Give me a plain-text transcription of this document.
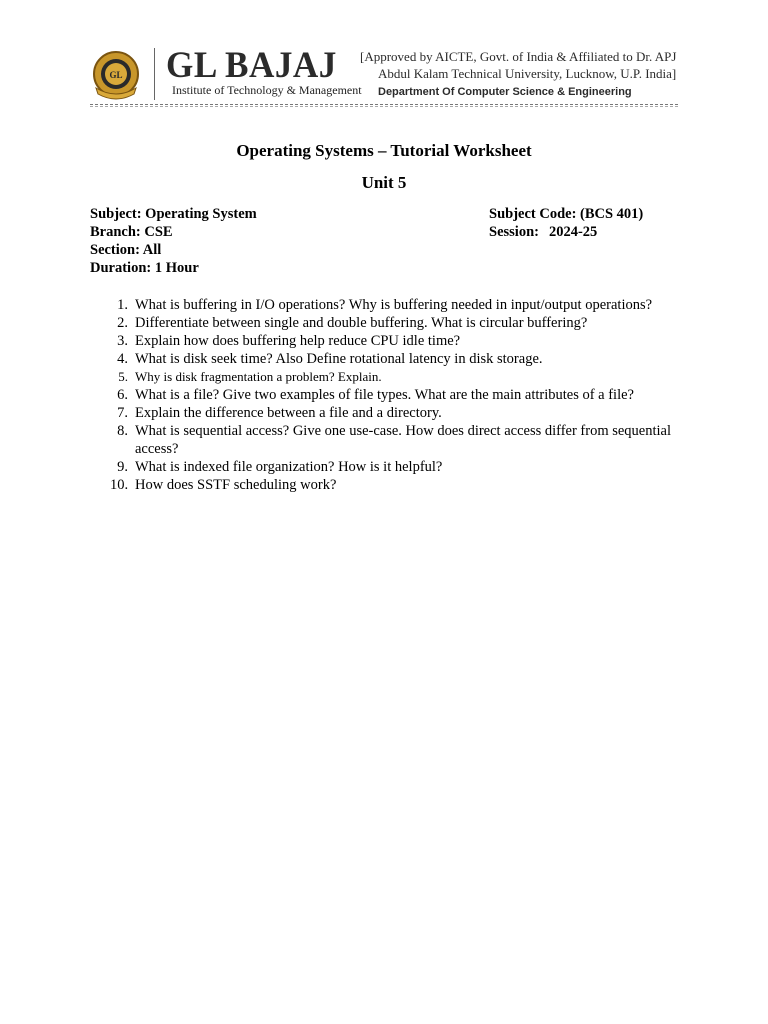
GL GL BAJAJ
Institute of Technology & Management
[Approved by AICTE, Govt. of India & Affiliated to Dr. APJ
Abdul Kalam Technical University, Lucknow, U.P. India]
Department Of Computer Science & Engineering
Operating Systems – Tutorial Worksheet
Unit 5
Subject: Operating System
Branch: CSE
Section: All
Duration: 1 Hour
Subject Code: (BCS 401)
Session: 2024-25
1. What is buffering in I/O operations? Why is buffering needed in input/output operations?
2. Differentiate between single and double buffering. What is circular buffering?
3. Explain how does buffering help reduce CPU idle time?
4. What is disk seek time? Also Define rotational latency in disk storage.
5. Why is disk fragmentation a problem? Explain.
6. What is a file? Give two examples of file types. What are the main attributes of a file?
7. Explain the difference between a file and a directory.
8. What is sequential access? Give one use-case. How does direct access differ from sequential access?
9. What is indexed file organization? How is it helpful?
10. How does SSTF scheduling work?
